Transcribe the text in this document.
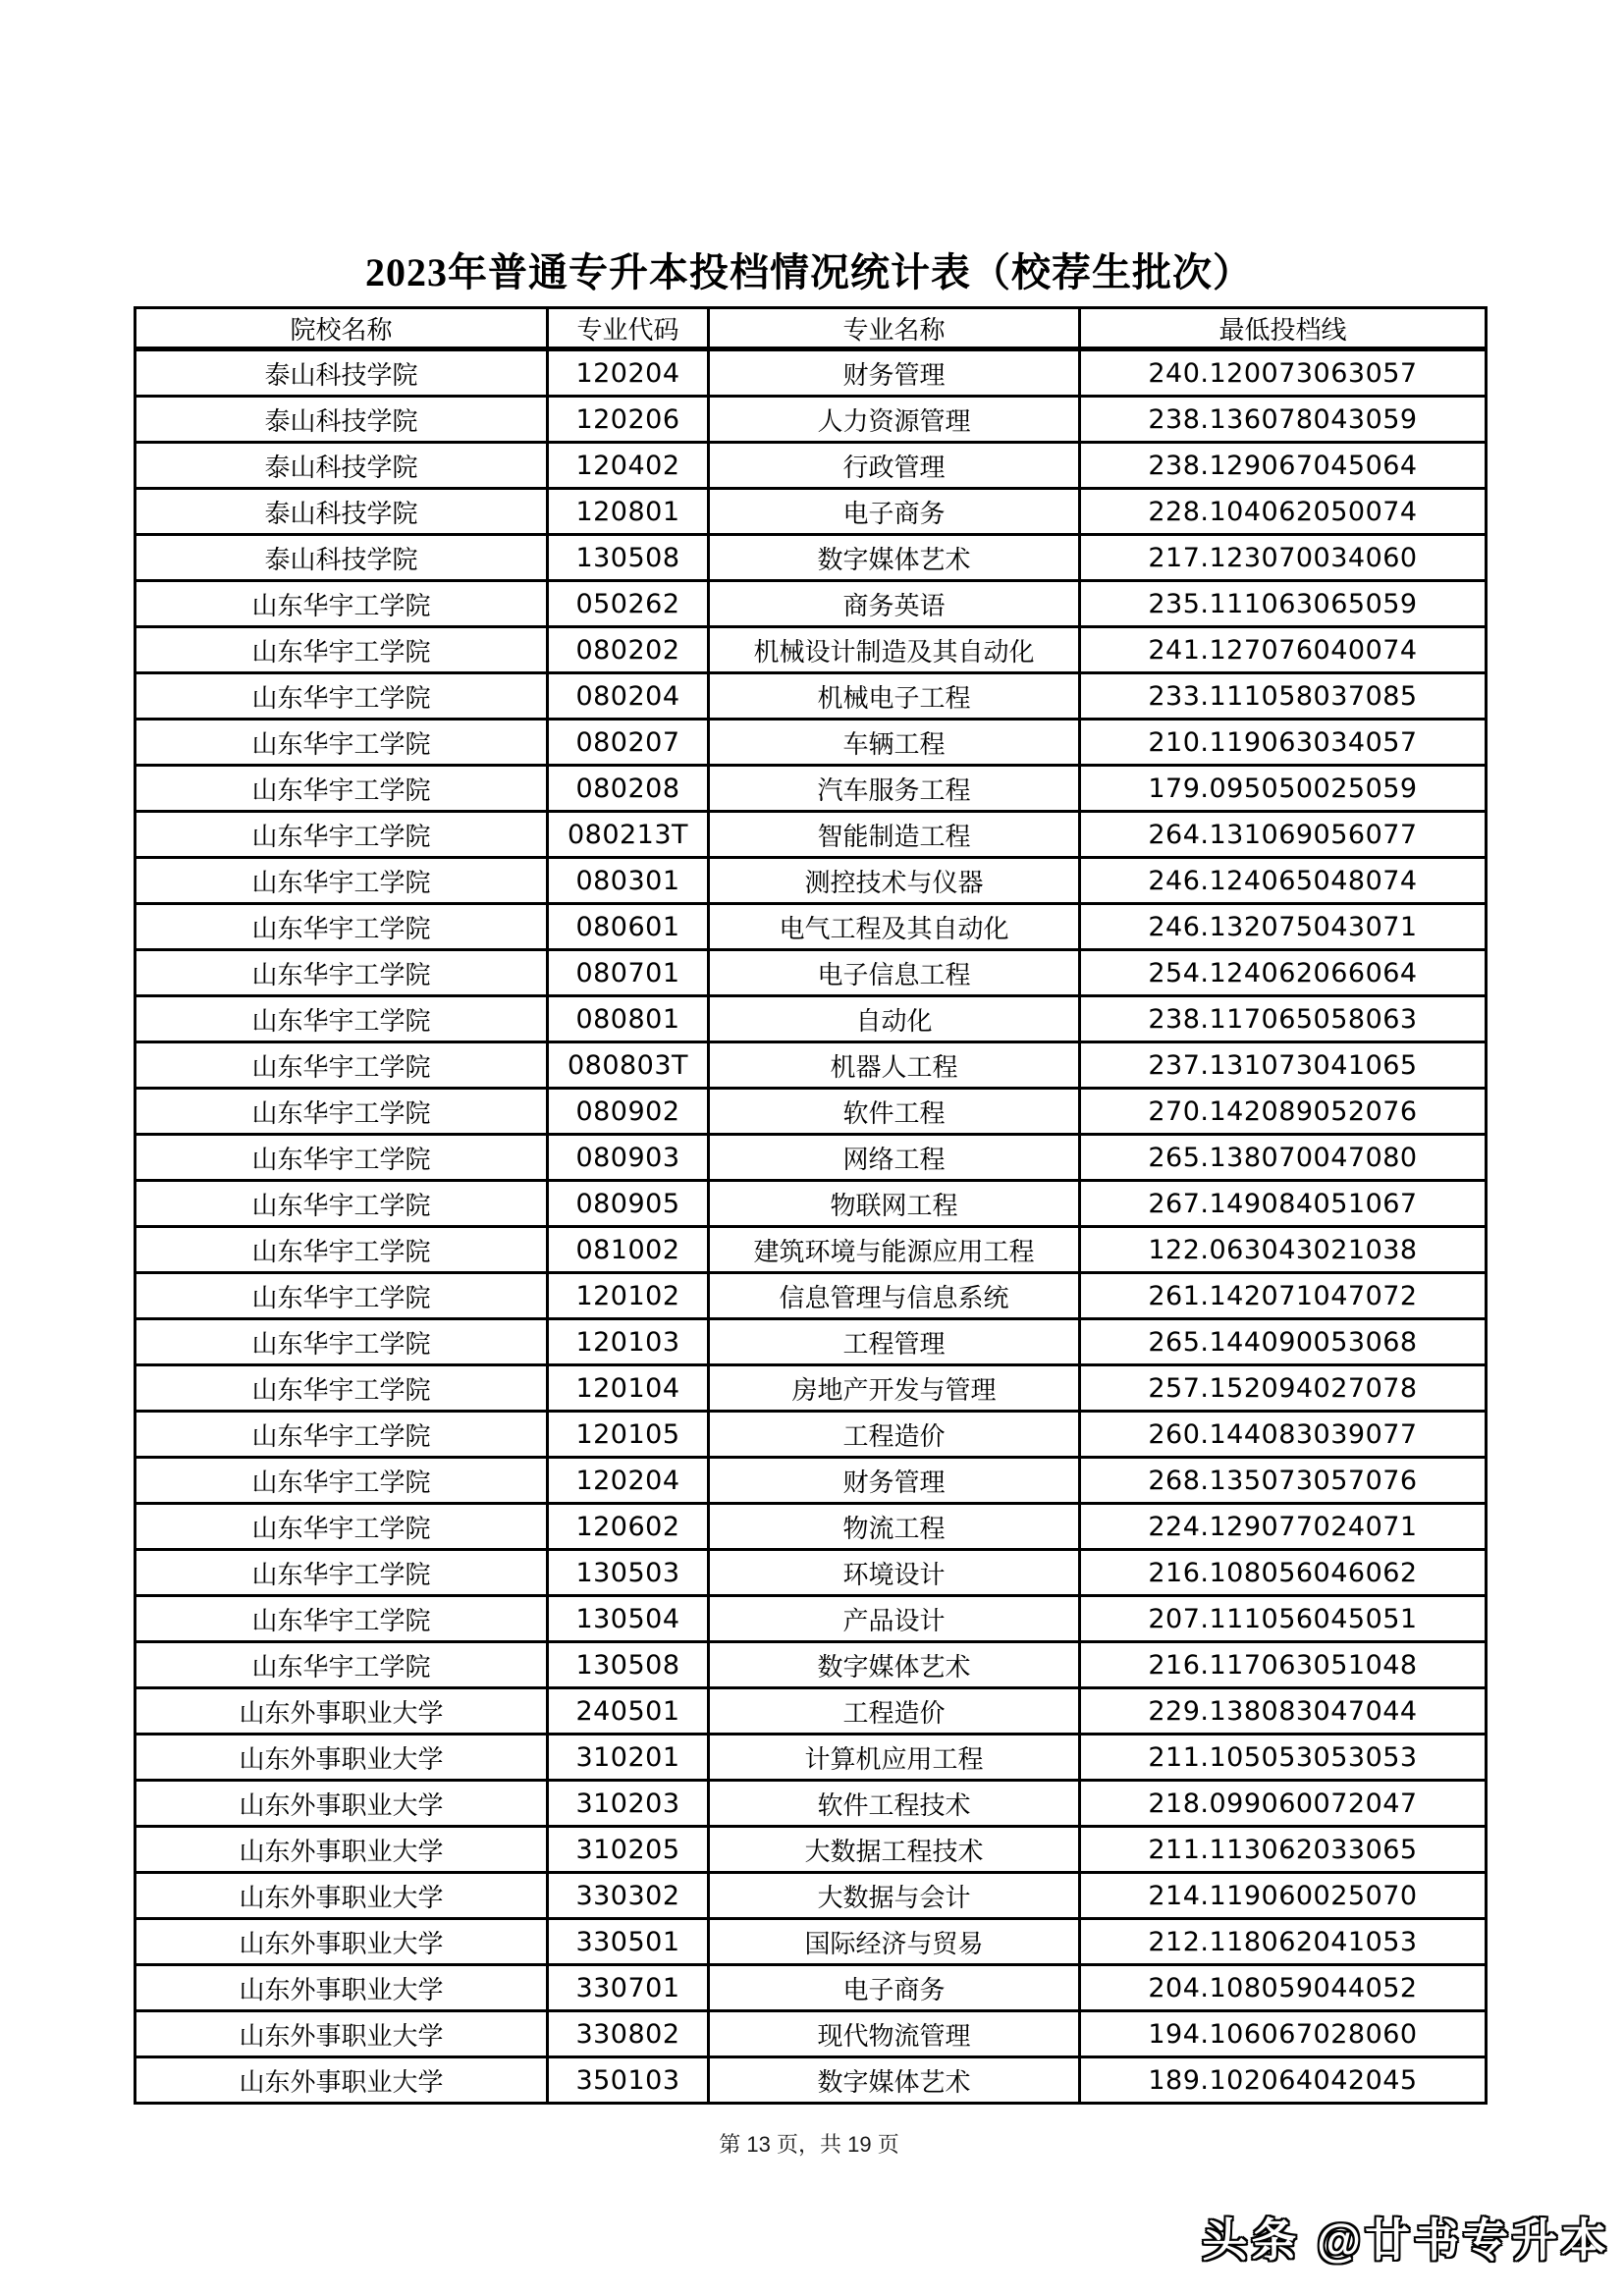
2023年普通专升本投档情况统计表（校荐生批次）
院校名称	专业代码	专业名称	最低投档线
泰山科技学院	120204	财务管理	240.120073063057
泰山科技学院	120206	人力资源管理	238.136078043059
泰山科技学院	120402	行政管理	238.129067045064
泰山科技学院	120801	电子商务	228.104062050074
泰山科技学院	130508	数字媒体艺术	217.123070034060
山东华宇工学院	050262	商务英语	235.111063065059
山东华宇工学院	080202	机械设计制造及其自动化	241.127076040074
山东华宇工学院	080204	机械电子工程	233.111058037085
山东华宇工学院	080207	车辆工程	210.119063034057
山东华宇工学院	080208	汽车服务工程	179.095050025059
山东华宇工学院	080213T	智能制造工程	264.131069056077
山东华宇工学院	080301	测控技术与仪器	246.124065048074
山东华宇工学院	080601	电气工程及其自动化	246.132075043071
山东华宇工学院	080701	电子信息工程	254.124062066064
山东华宇工学院	080801	自动化	238.117065058063
山东华宇工学院	080803T	机器人工程	237.131073041065
山东华宇工学院	080902	软件工程	270.142089052076
山东华宇工学院	080903	网络工程	265.138070047080
山东华宇工学院	080905	物联网工程	267.149084051067
山东华宇工学院	081002	建筑环境与能源应用工程	122.063043021038
山东华宇工学院	120102	信息管理与信息系统	261.142071047072
山东华宇工学院	120103	工程管理	265.144090053068
山东华宇工学院	120104	房地产开发与管理	257.152094027078
山东华宇工学院	120105	工程造价	260.144083039077
山东华宇工学院	120204	财务管理	268.135073057076
山东华宇工学院	120602	物流工程	224.129077024071
山东华宇工学院	130503	环境设计	216.108056046062
山东华宇工学院	130504	产品设计	207.111056045051
山东华宇工学院	130508	数字媒体艺术	216.117063051048
山东外事职业大学	240501	工程造价	229.138083047044
山东外事职业大学	310201	计算机应用工程	211.105053053053
山东外事职业大学	310203	软件工程技术	218.099060072047
山东外事职业大学	310205	大数据工程技术	211.113062033065
山东外事职业大学	330302	大数据与会计	214.119060025070
山东外事职业大学	330501	国际经济与贸易	212.118062041053
山东外事职业大学	330701	电子商务	204.108059044052
山东外事职业大学	330802	现代物流管理	194.106067028060
山东外事职业大学	350103	数字媒体艺术	189.102064042045
第 13 页，共 19 页
头条 @廿书专升本
